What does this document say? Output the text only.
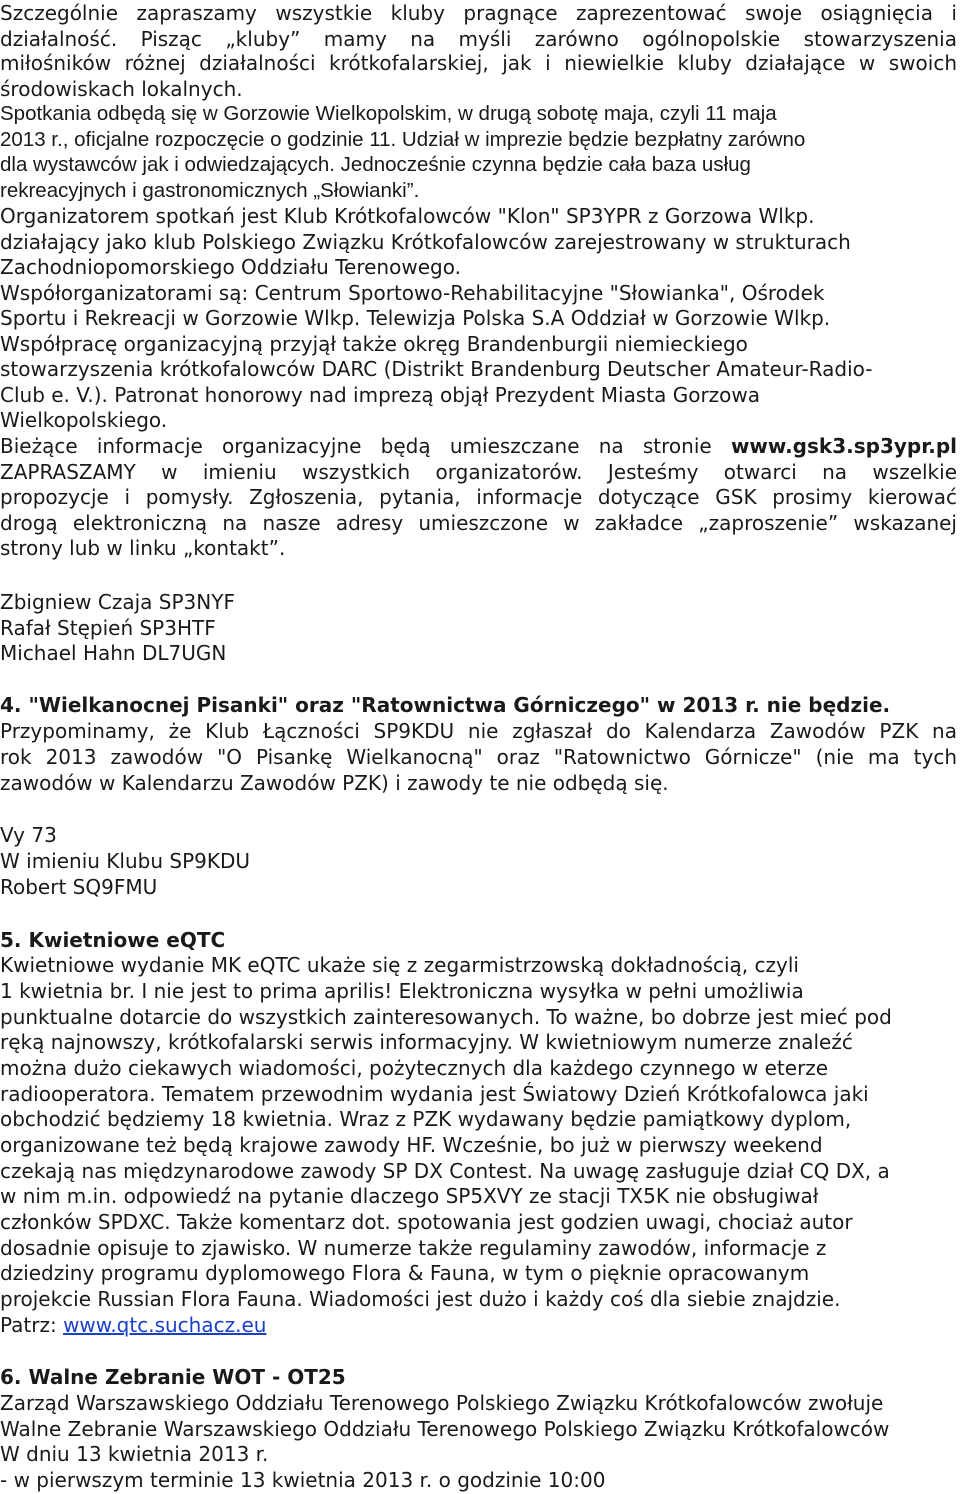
Szczególnie zapraszamy wszystkie kluby pragnące zaprezentować swoje osiągnięcia i
działalność. Pisząc „kluby” mamy na myśli zarówno ogólnopolskie stowarzyszenia
miłośników różnej działalności krótkofalarskiej, jak i niewielkie kluby działające w swoich
środowiskach lokalnych.
Spotkania odbędą się w Gorzowie Wielkopolskim, w drugą sobotę maja, czyli 11 maja
2013 r., oficjalne rozpoczęcie o godzinie 11. Udział w imprezie będzie bezpłatny zarówno
dla wystawców jak i odwiedzających. Jednocześnie czynna będzie cała baza usług
rekreacyjnych i gastronomicznych „Słowianki”.
Organizatorem spotkań jest Klub Krótkofalowców "Klon" SP3YPR z Gorzowa Wlkp.
działający jako klub Polskiego Związku Krótkofalowców zarejestrowany w strukturach
Zachodniopomorskiego Oddziału Terenowego.
Współorganizatorami są: Centrum Sportowo-Rehabilitacyjne "Słowianka", Ośrodek
Sportu i Rekreacji w Gorzowie Wlkp. Telewizja Polska S.A Oddział w Gorzowie Wlkp.
Współpracę organizacyjną przyjął także okręg Brandenburgii niemieckiego
stowarzyszenia krótkofalowców DARC (Distrikt Brandenburg Deutscher Amateur-Radio-
Club e. V.). Patronat honorowy nad imprezą objął Prezydent Miasta Gorzowa
Wielkopolskiego.
Bieżące informacje organizacyjne będą umieszczane na stronie www.gsk3.sp3ypr.pl
ZAPRASZAMY w imieniu wszystkich organizatorów. Jesteśmy otwarci na wszelkie
propozycje i pomysły. Zgłoszenia, pytania, informacje dotyczące GSK prosimy kierować
drogą elektroniczną na nasze adresy umieszczone w zakładce „zaproszenie” wskazanej
strony lub w linku „kontakt”.
Zbigniew Czaja SP3NYF
Rafał Stępień SP3HTF
Michael Hahn DL7UGN
4. "Wielkanocnej Pisanki" oraz "Ratownictwa Górniczego" w 2013 r. nie będzie.
Przypominamy, że Klub Łączności SP9KDU nie zgłaszał do Kalendarza Zawodów PZK na
rok 2013 zawodów "O Pisankę Wielkanocną" oraz "Ratownictwo Górnicze" (nie ma tych
zawodów w Kalendarzu Zawodów PZK) i zawody te nie odbędą się.
Vy 73
W imieniu Klubu SP9KDU
Robert SQ9FMU
5. Kwietniowe eQTC
Kwietniowe wydanie MK eQTC ukaże się z zegarmistrzowską dokładnością, czyli
1 kwietnia br. I nie jest to prima aprilis! Elektroniczna wysyłka w pełni umożliwia
punktualne dotarcie do wszystkich zainteresowanych. To ważne, bo dobrze jest mieć pod
ręką najnowszy, krótkofalarski serwis informacyjny. W kwietniowym numerze znaleźć
można dużo ciekawych wiadomości, pożytecznych dla każdego czynnego w eterze
radiooperatora. Tematem przewodnim wydania jest Światowy Dzień Krótkofalowca jaki
obchodzić będziemy 18 kwietnia. Wraz z PZK wydawany będzie pamiątkowy dyplom,
organizowane też będą krajowe zawody HF. Wcześnie, bo już w pierwszy weekend
czekają nas międzynarodowe zawody SP DX Contest. Na uwagę zasługuje dział CQ DX, a
w nim m.in. odpowiedź na pytanie dlaczego SP5XVY ze stacji TX5K nie obsługiwał
członków SPDXC. Także komentarz dot. spotowania jest godzien uwagi, chociaż autor
dosadnie opisuje to zjawisko. W numerze także regulaminy zawodów, informacje z
dziedziny programu dyplomowego Flora & Fauna, w tym o pięknie opracowanym
projekcie Russian Flora Fauna. Wiadomości jest dużo i każdy coś dla siebie znajdzie.
Patrz: www.qtc.suchacz.eu
6. Walne Zebranie WOT - OT25
Zarząd Warszawskiego Oddziału Terenowego Polskiego Związku Krótkofalowców zwołuje
Walne Zebranie Warszawskiego Oddziału Terenowego Polskiego Związku Krótkofalowców
W dniu 13 kwietnia 2013 r.
- w pierwszym terminie 13 kwietnia 2013 r. o godzinie 10:00
